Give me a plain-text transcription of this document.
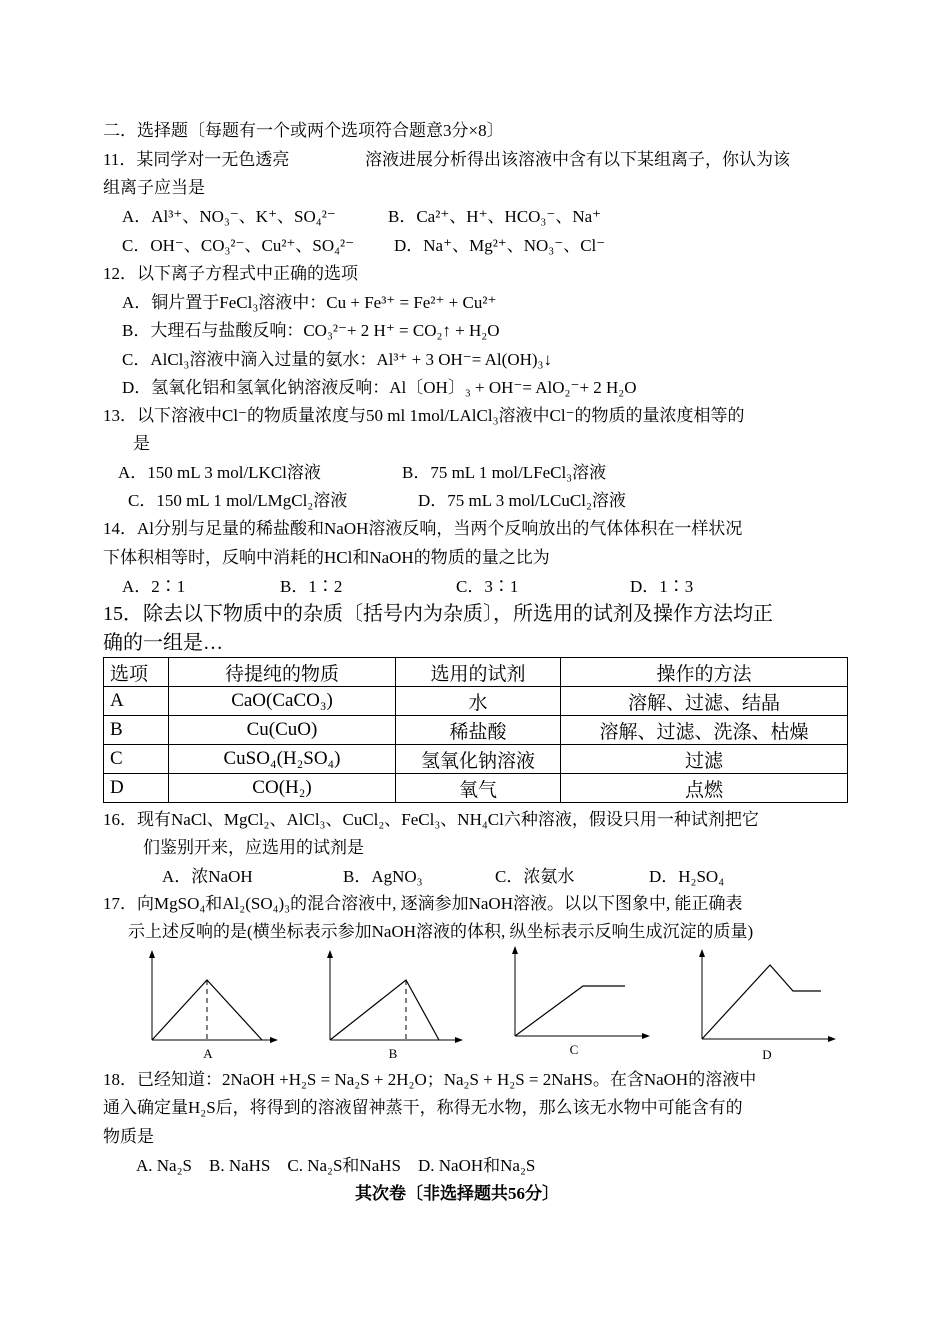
二．选择题〔每题有一个或两个选项符合题意3分×8〕
11．某同学对一无色透亮	溶液进展分析得出该溶液中含有以下某组离子，你认为该
组离子应当是
A．Al³⁺、NO₃⁻、K⁺、SO₄²⁻	B．Ca²⁺、H⁺、HCO₃⁻、Na⁺
C．OH⁻、CO₃²⁻、Cu²⁺、SO₄²⁻ D．Na⁺、Mg²⁺、NO₃⁻、Cl⁻
12．以下离子方程式中正确的选项
A．铜片置于FeCl₃溶液中：Cu + Fe³⁺ = Fe²⁺ + Cu²⁺
B．大理石与盐酸反响：CO₃²⁻+ 2 H⁺ = CO₂↑ + H₂O
C．AlCl₃溶液中滴入过量的氨水：Al³⁺ + 3 OH⁻= Al(OH)₃↓
D．氢氧化铝和氢氧化钠溶液反响：Al〔OH〕₃ + OH⁻= AlO₂⁻+ 2 H₂O
13．以下溶液中Cl⁻的物质量浓度与50 ml 1mol/LAlCl₃溶液中Cl⁻的物质的量浓度相等的
是
A．150 mL 3 mol/LKCl溶液	B．75 mL 1 mol/LFeCl₃溶液
C．150 mL 1 mol/LMgCl₂溶液	D．75 mL 3 mol/LCuCl₂溶液
14．Al分别与足量的稀盐酸和NaOH溶液反响，当两个反响放出的气体体积在一样状况
下体积相等时，反响中消耗的HCl和NaOH的物质的量之比为
A．2∶1	B．1∶2	C．3∶1	D．1∶3
15．除去以下物质中的杂质〔括号内为杂质〕，所选用的试剂及操作方法均正
确的一组是…
选项	待提纯的物质	选用的试剂	操作的方法
A	CaO(CaCO₃)	水	溶解、过滤、结晶
B	Cu(CuO)	稀盐酸	溶解、过滤、洗涤、枯燥
C	CuSO₄(H₂SO₄)	氢氧化钠溶液	过滤
D	CO(H₂)	氧气	点燃
16．现有NaCl、MgCl₂、AlCl₃、CuCl₂、FeCl₃、NH₄Cl六种溶液，假设只用一种试剂把它
们鉴别开来，应选用的试剂是
A．浓NaOH	B．AgNO₃	C．浓氨水	D．H₂SO₄
17．向MgSO₄和Al₂(SO₄)₃的混合溶液中, 逐滴参加NaOH溶液。以以下图象中, 能正确表
示上述反响的是(横坐标表示参加NaOH溶液的体积, 纵坐标表示反响生成沉淀的质量)
A	B	C	D
18．已经知道：2NaOH +H₂S = Na₂S + 2H₂O；Na₂S + H₂S = 2NaHS。在含NaOH的溶液中
通入确定量H₂S后，将得到的溶液留神蒸干，称得无水物，那么该无水物中可能含有的
物质是
A. Na₂S    B. NaHS    C. Na₂S和NaHS    D. NaOH和Na₂S
其次卷〔非选择题共56分〕
